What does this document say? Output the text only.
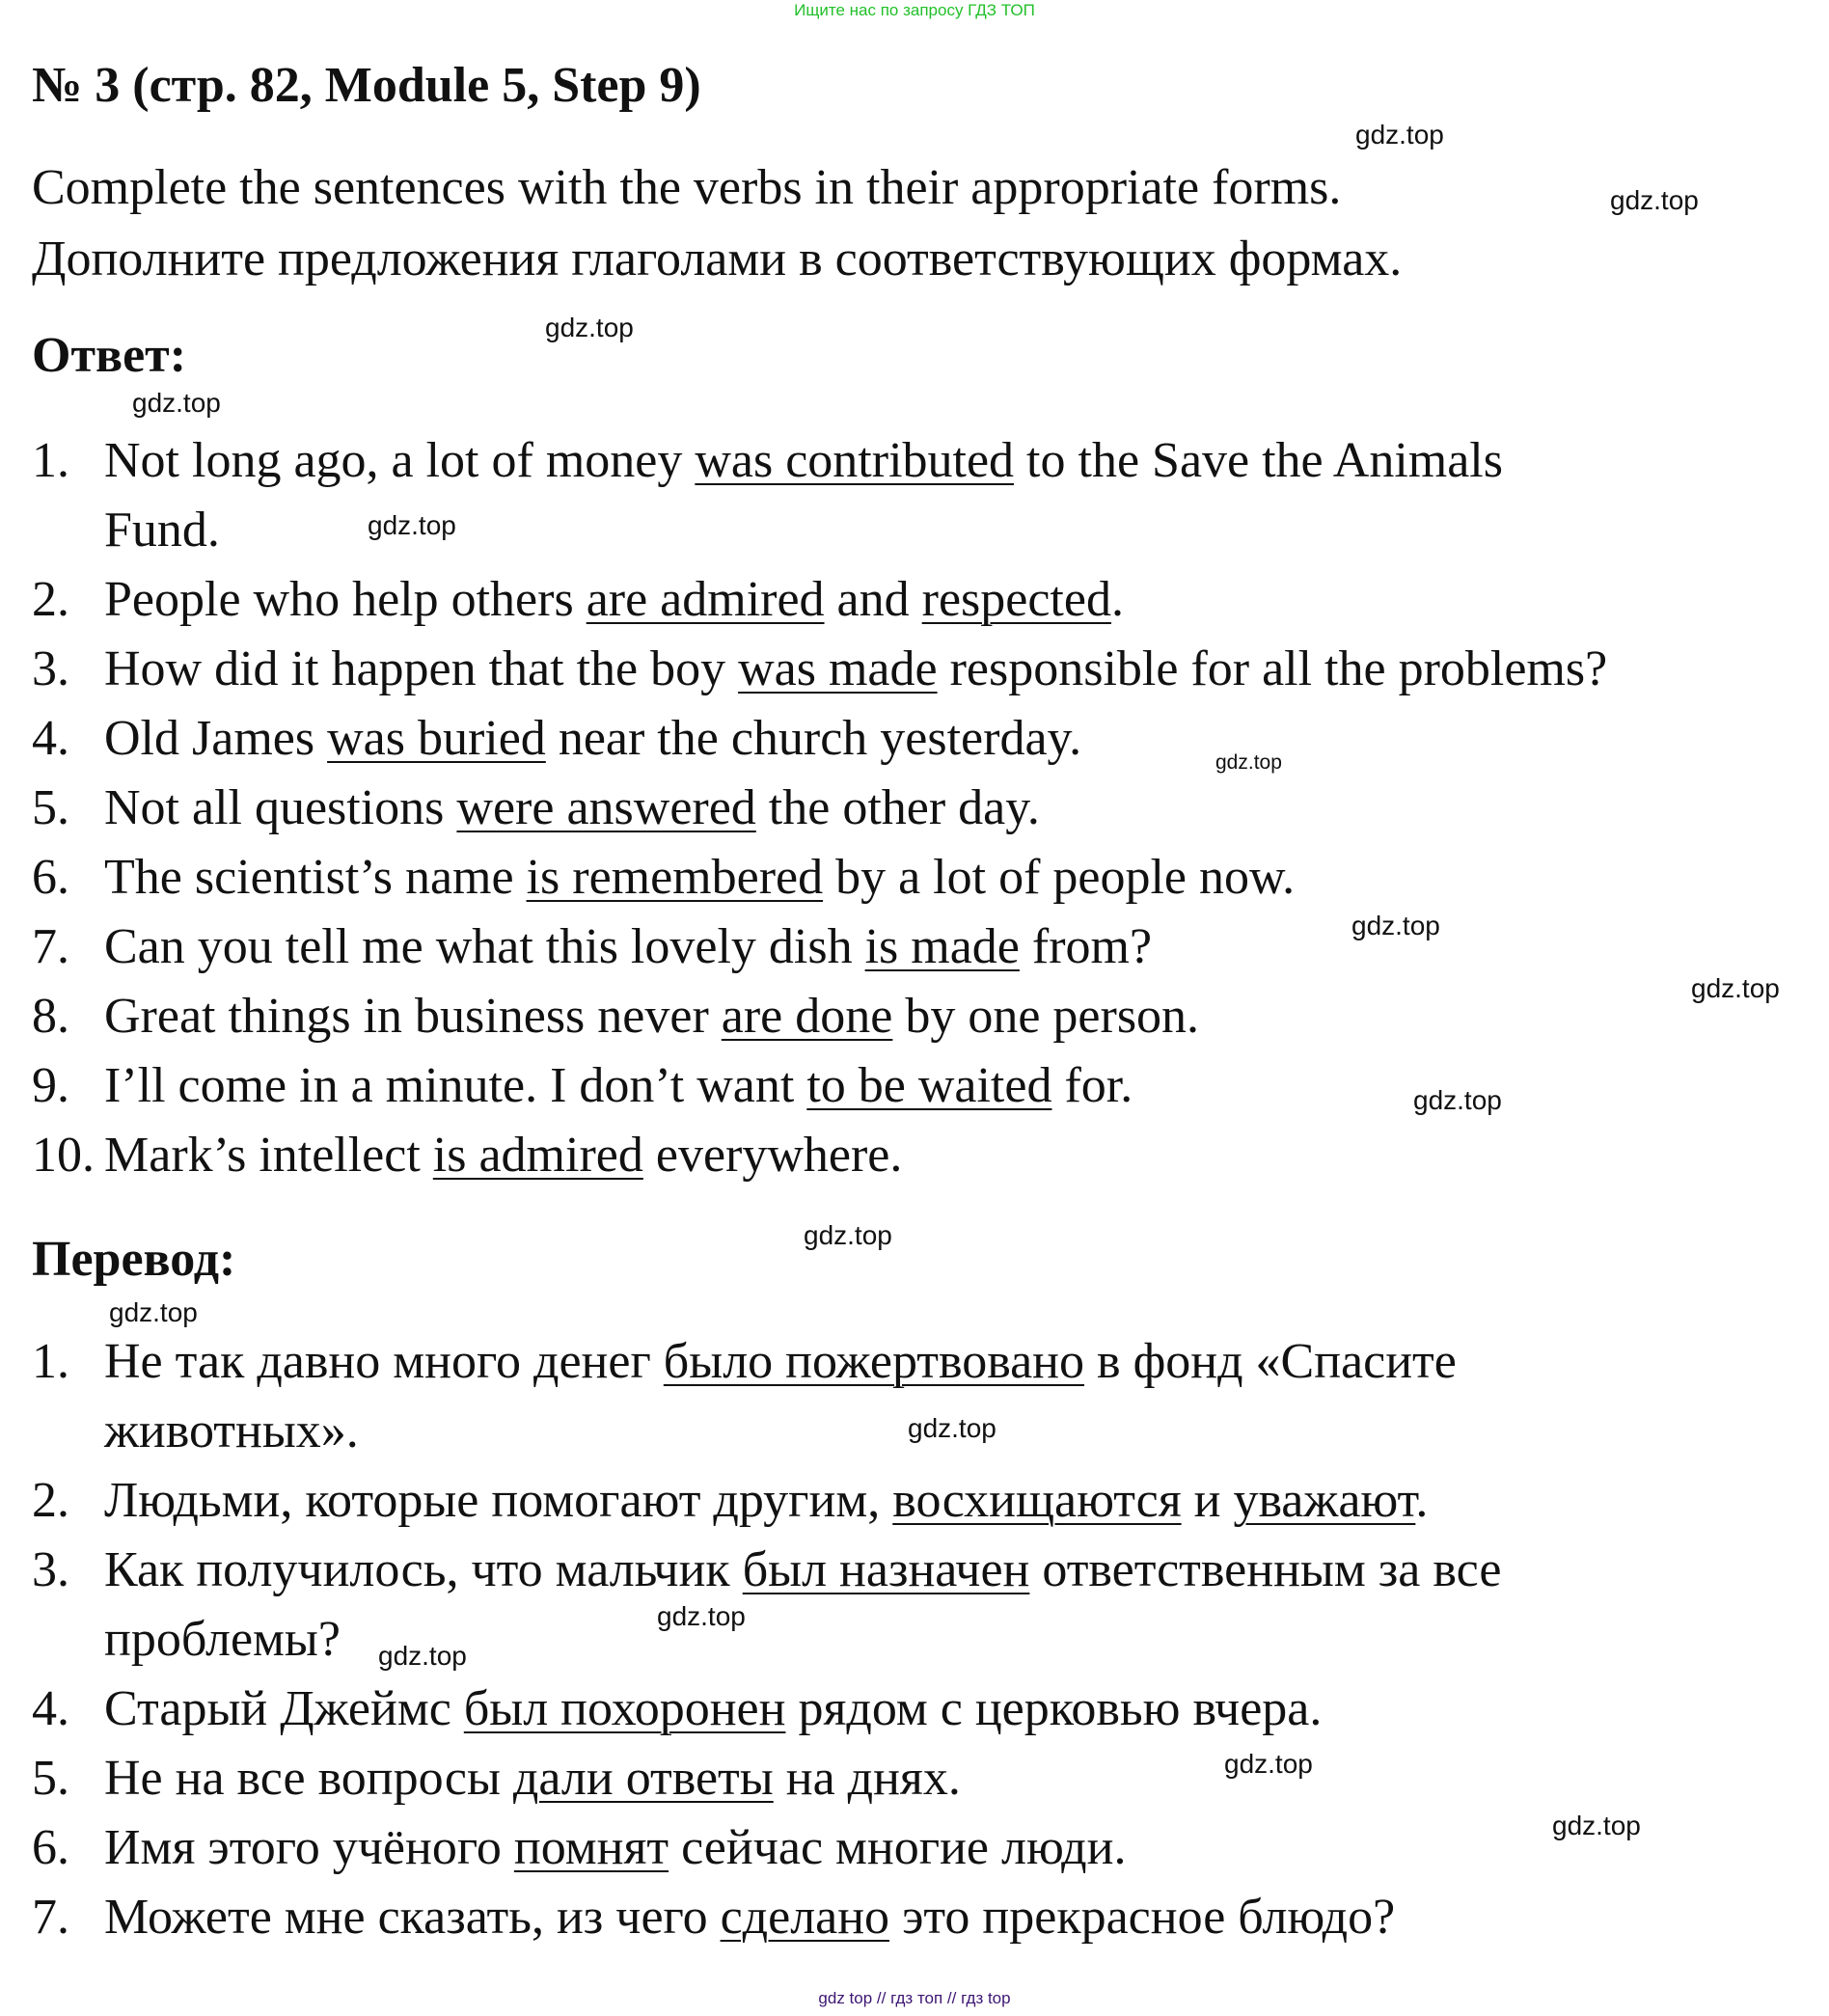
Ищите нас по запросу ГДЗ ТОП
№ 3 (стр. 82, Module 5, Step 9)
Complete the sentences with the verbs in their appropriate forms.
Дополните предложения глаголами в соответствующих формах.
Ответ:
1. Not long ago, a lot of money was contributed to the Save the Animals
Fund.
2. People who help others are admired and respected.
3. How did it happen that the boy was made responsible for all the problems?
4. Old James was buried near the church yesterday.
5. Not all questions were answered the other day.
6. The scientist’s name is remembered by a lot of people now.
7. Can you tell me what this lovely dish is made from?
8. Great things in business never are done by one person.
9. I’ll come in a minute. I don’t want to be waited for.
10. Mark’s intellect is admired everywhere.
Перевод:
1. Не так давно много денег было пожертвовано в фонд «Спасите
животных».
2. Людьми, которые помогают другим, восхищаются и уважают.
3. Как получилось, что мальчик был назначен ответственным за все
проблемы?
4. Старый Джеймс был похоронен рядом с церковью вчера.
5. Не на все вопросы дали ответы на днях.
6. Имя этого учёного помнят сейчас многие люди.
7. Можете мне сказать, из чего сделано это прекрасное блюдо?
gdz.top
gdz.top
gdz.top
gdz.top
gdz.top
gdz.top
gdz.top
gdz.top
gdz.top
gdz.top
gdz.top
gdz.top
gdz.top
gdz.top
gdz.top
gdz.top
gdz top // гдз топ // гдз top
